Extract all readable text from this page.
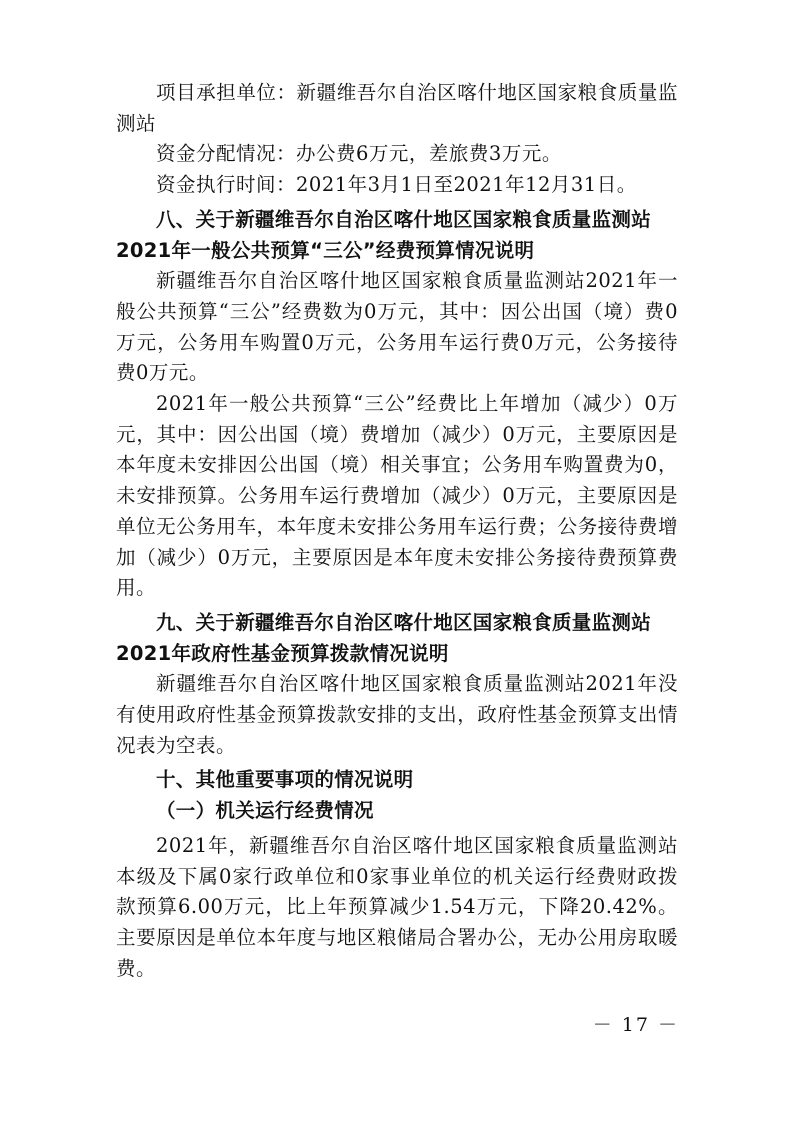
项目承担单位：新疆维吾尔自治区喀什地区国家粮食质量监测站

资金分配情况：办公费6万元，差旅费3万元。

资金执行时间：2021年3月1日至2021年12月31日。

八、关于新疆维吾尔自治区喀什地区国家粮食质量监测站2021年一般公共预算“三公”经费预算情况说明

新疆维吾尔自治区喀什地区国家粮食质量监测站2021年一般公共预算“三公”经费数为0万元，其中：因公出国（境）费0万元，公务用车购置0万元，公务用车运行费0万元，公务接待费0万元。

2021年一般公共预算“三公”经费比上年增加（减少）0万元，其中：因公出国（境）费增加（减少）0万元，主要原因是本年度未安排因公出国（境）相关事宜；公务用车购置费为0，未安排预算。公务用车运行费增加（减少）0万元，主要原因是单位无公务用车，本年度未安排公务用车运行费；公务接待费增加（减少）0万元，主要原因是本年度未安排公务接待费预算费用。

九、关于新疆维吾尔自治区喀什地区国家粮食质量监测站2021年政府性基金预算拨款情况说明

新疆维吾尔自治区喀什地区国家粮食质量监测站2021年没有使用政府性基金预算拨款安排的支出，政府性基金预算支出情况表为空表。

十、其他重要事项的情况说明
（一）机关运行经费情况

2021年，新疆维吾尔自治区喀什地区国家粮食质量监测站本级及下属0家行政单位和0家事业单位的机关运行经费财政拨款预算6.00万元，比上年预算减少1.54万元，下降20.42%。主要原因是单位本年度与地区粮储局合署办公，无办公用房取暖费。

－ 17 －
